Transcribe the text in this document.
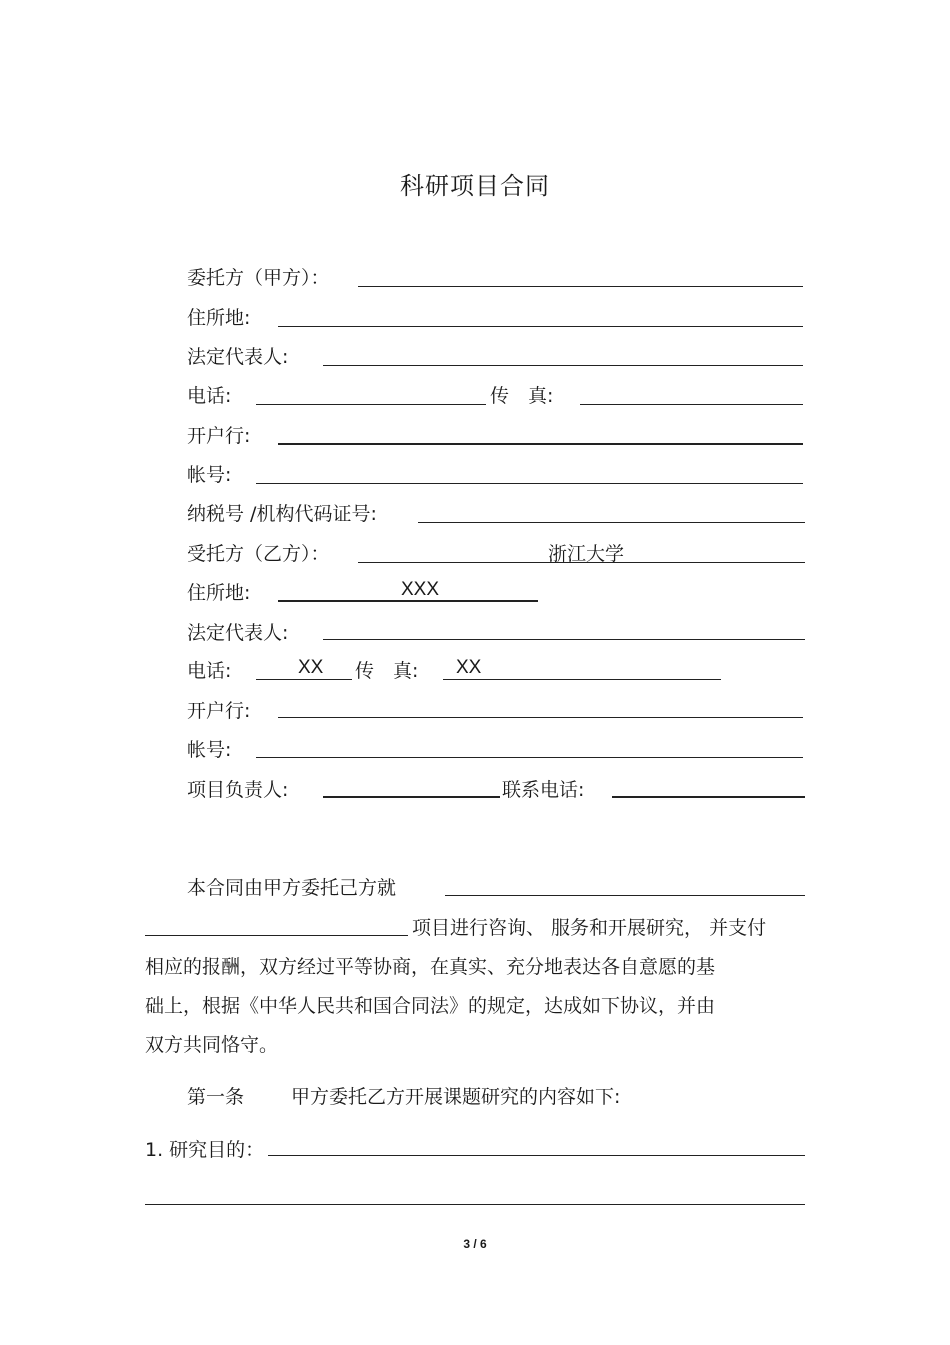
科研项目合同
委托方（甲方）：
住所地:
法定代表人:
电话:	传　真:
开户行:
帐号:
纳税号 /机构代码证号:
受托方（乙方）：	浙江大学
住所地:	XXX
法定代表人:
电话:	XX 传　真: XX
开户行:
帐号:
项目负责人:	联系电话:
本合同由甲方委托己方就
项目进行咨询、 服务和开展研究， 并支付
相应的报酬，双方经过平等协商，在真实、充分地表达各自意愿的基
础上，根据《中华人民共和国合同法》的规定，达成如下协议，并由
双方共同恪守。
第一条 甲方委托乙方开展课题研究的内容如下:
1. 研究目的：
3 / 6
